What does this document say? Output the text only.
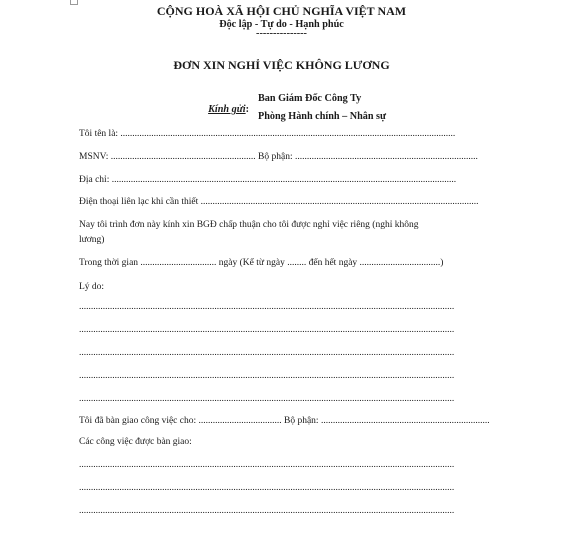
CỘNG HOÀ XÃ HỘI CHỦ NGHĨA VIỆT NAM
Độc lập - Tự do - Hạnh phúc
---------------
ĐƠN XIN NGHỈ VIỆC KHÔNG LƯƠNG

Kính gửi:

Ban Giám Đốc Công Ty
Phòng Hành chính – Nhân sự
Tôi tên là: .............................................................................................................................................
MSNV: ............................................................. Bộ phận: .............................................................................
Địa chỉ: .................................................................................................................................................
Điện thoại liên lạc khi cần thiết .....................................................................................................................
Nay tôi trình đơn này kính xin BGĐ chấp thuận cho tôi được nghỉ việc riêng (nghỉ không
lương)
Trong thời gian ................................ ngày (Kể từ ngày ........ đến hết ngày ..................................)
Lý do:
..............................................................................................................................................................
..............................................................................................................................................................
..............................................................................................................................................................
..............................................................................................................................................................
..............................................................................................................................................................
Tôi đã bàn giao công việc cho: ................................... Bộ phận: .......................................................................
Các công việc được bàn giao:
..............................................................................................................................................................
..............................................................................................................................................................
..............................................................................................................................................................
